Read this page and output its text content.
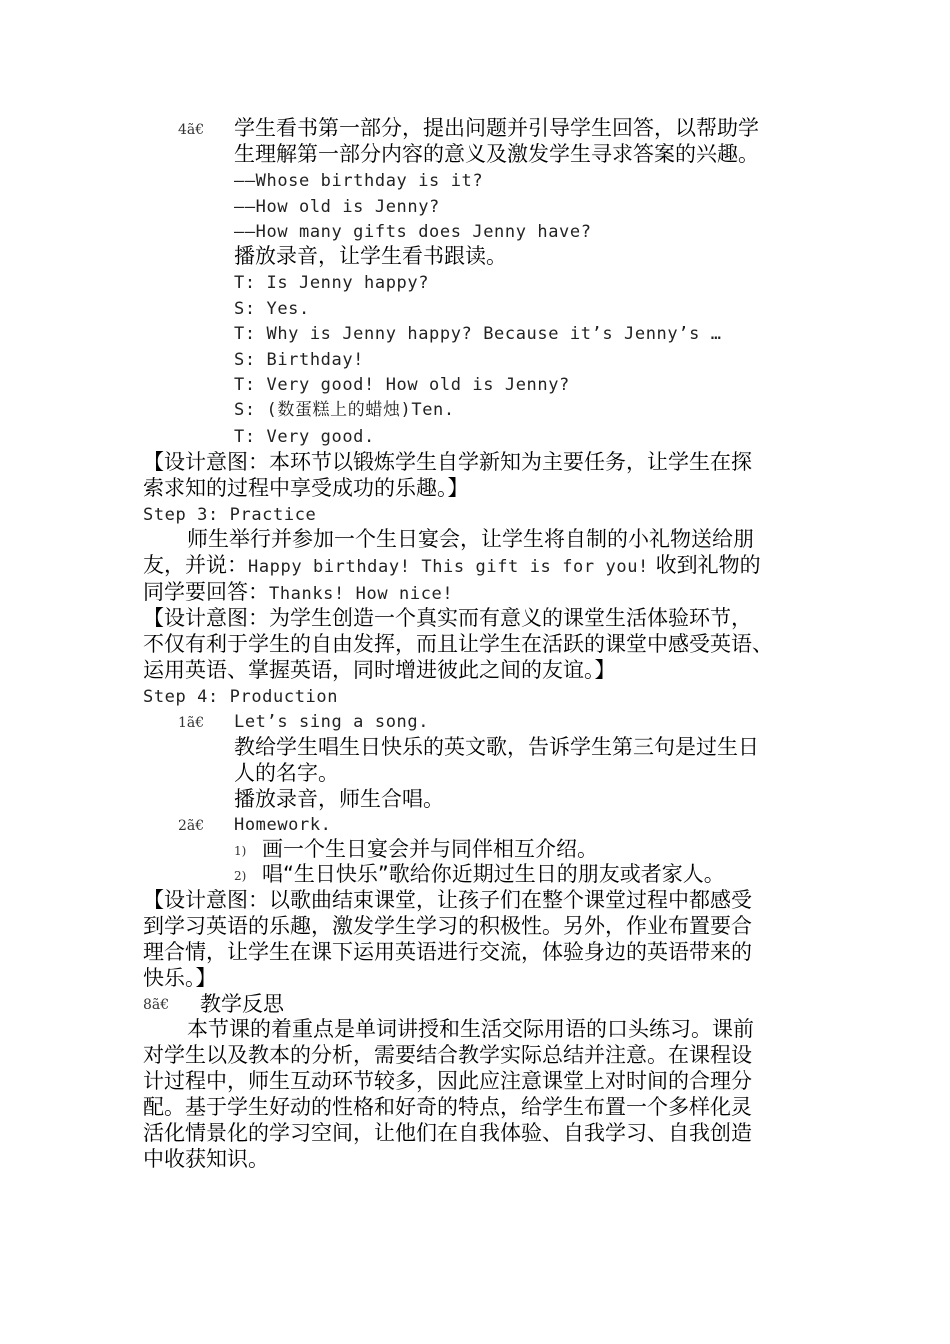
4ã€ 学生看书第一部分，提出问题并引导学生回答，以帮助学
生理解第一部分内容的意义及激发学生寻求答案的兴趣。
——Whose birthday is it?
——How old is Jenny?
——How many gifts does Jenny have?
播放录音，让学生看书跟读。
T: Is Jenny happy?
S: Yes.
T: Why is Jenny happy? Because it’s Jenny’s …
S: Birthday!
T: Very good! How old is Jenny?
S: (数蛋糕上的蜡烛)Ten.
T: Very good.
【设计意图：本环节以锻炼学生自学新知为主要任务，让学生在探
索求知的过程中享受成功的乐趣。】
Step 3: Practice
师生举行并参加一个生日宴会，让学生将自制的小礼物送给朋
友，并说：Happy birthday! This gift is for you! 收到礼物的
同学要回答：Thanks! How nice!
【设计意图：为学生创造一个真实而有意义的课堂生活体验环节，
不仅有利于学生的自由发挥，而且让学生在活跃的课堂中感受英语、
运用英语、掌握英语，同时增进彼此之间的友谊。】
Step 4: Production
1ã€ Let’s sing a song.
教给学生唱生日快乐的英文歌，告诉学生第三句是过生日
人的名字。
播放录音，师生合唱。
2ã€ Homework.
1) 画一个生日宴会并与同伴相互介绍。
2) 唱“生日快乐”歌给你近期过生日的朋友或者家人。
【设计意图：以歌曲结束课堂，让孩子们在整个课堂过程中都感受
到学习英语的乐趣，激发学生学习的积极性。另外，作业布置要合
理合情，让学生在课下运用英语进行交流，体验身边的英语带来的
快乐。】
8ã€ 教学反思
本节课的着重点是单词讲授和生活交际用语的口头练习。课前
对学生以及教本的分析，需要结合教学实际总结并注意。在课程设
计过程中，师生互动环节较多，因此应注意课堂上对时间的合理分
配。基于学生好动的性格和好奇的特点，给学生布置一个多样化灵
活化情景化的学习空间，让他们在自我体验、自我学习、自我创造
中收获知识。
